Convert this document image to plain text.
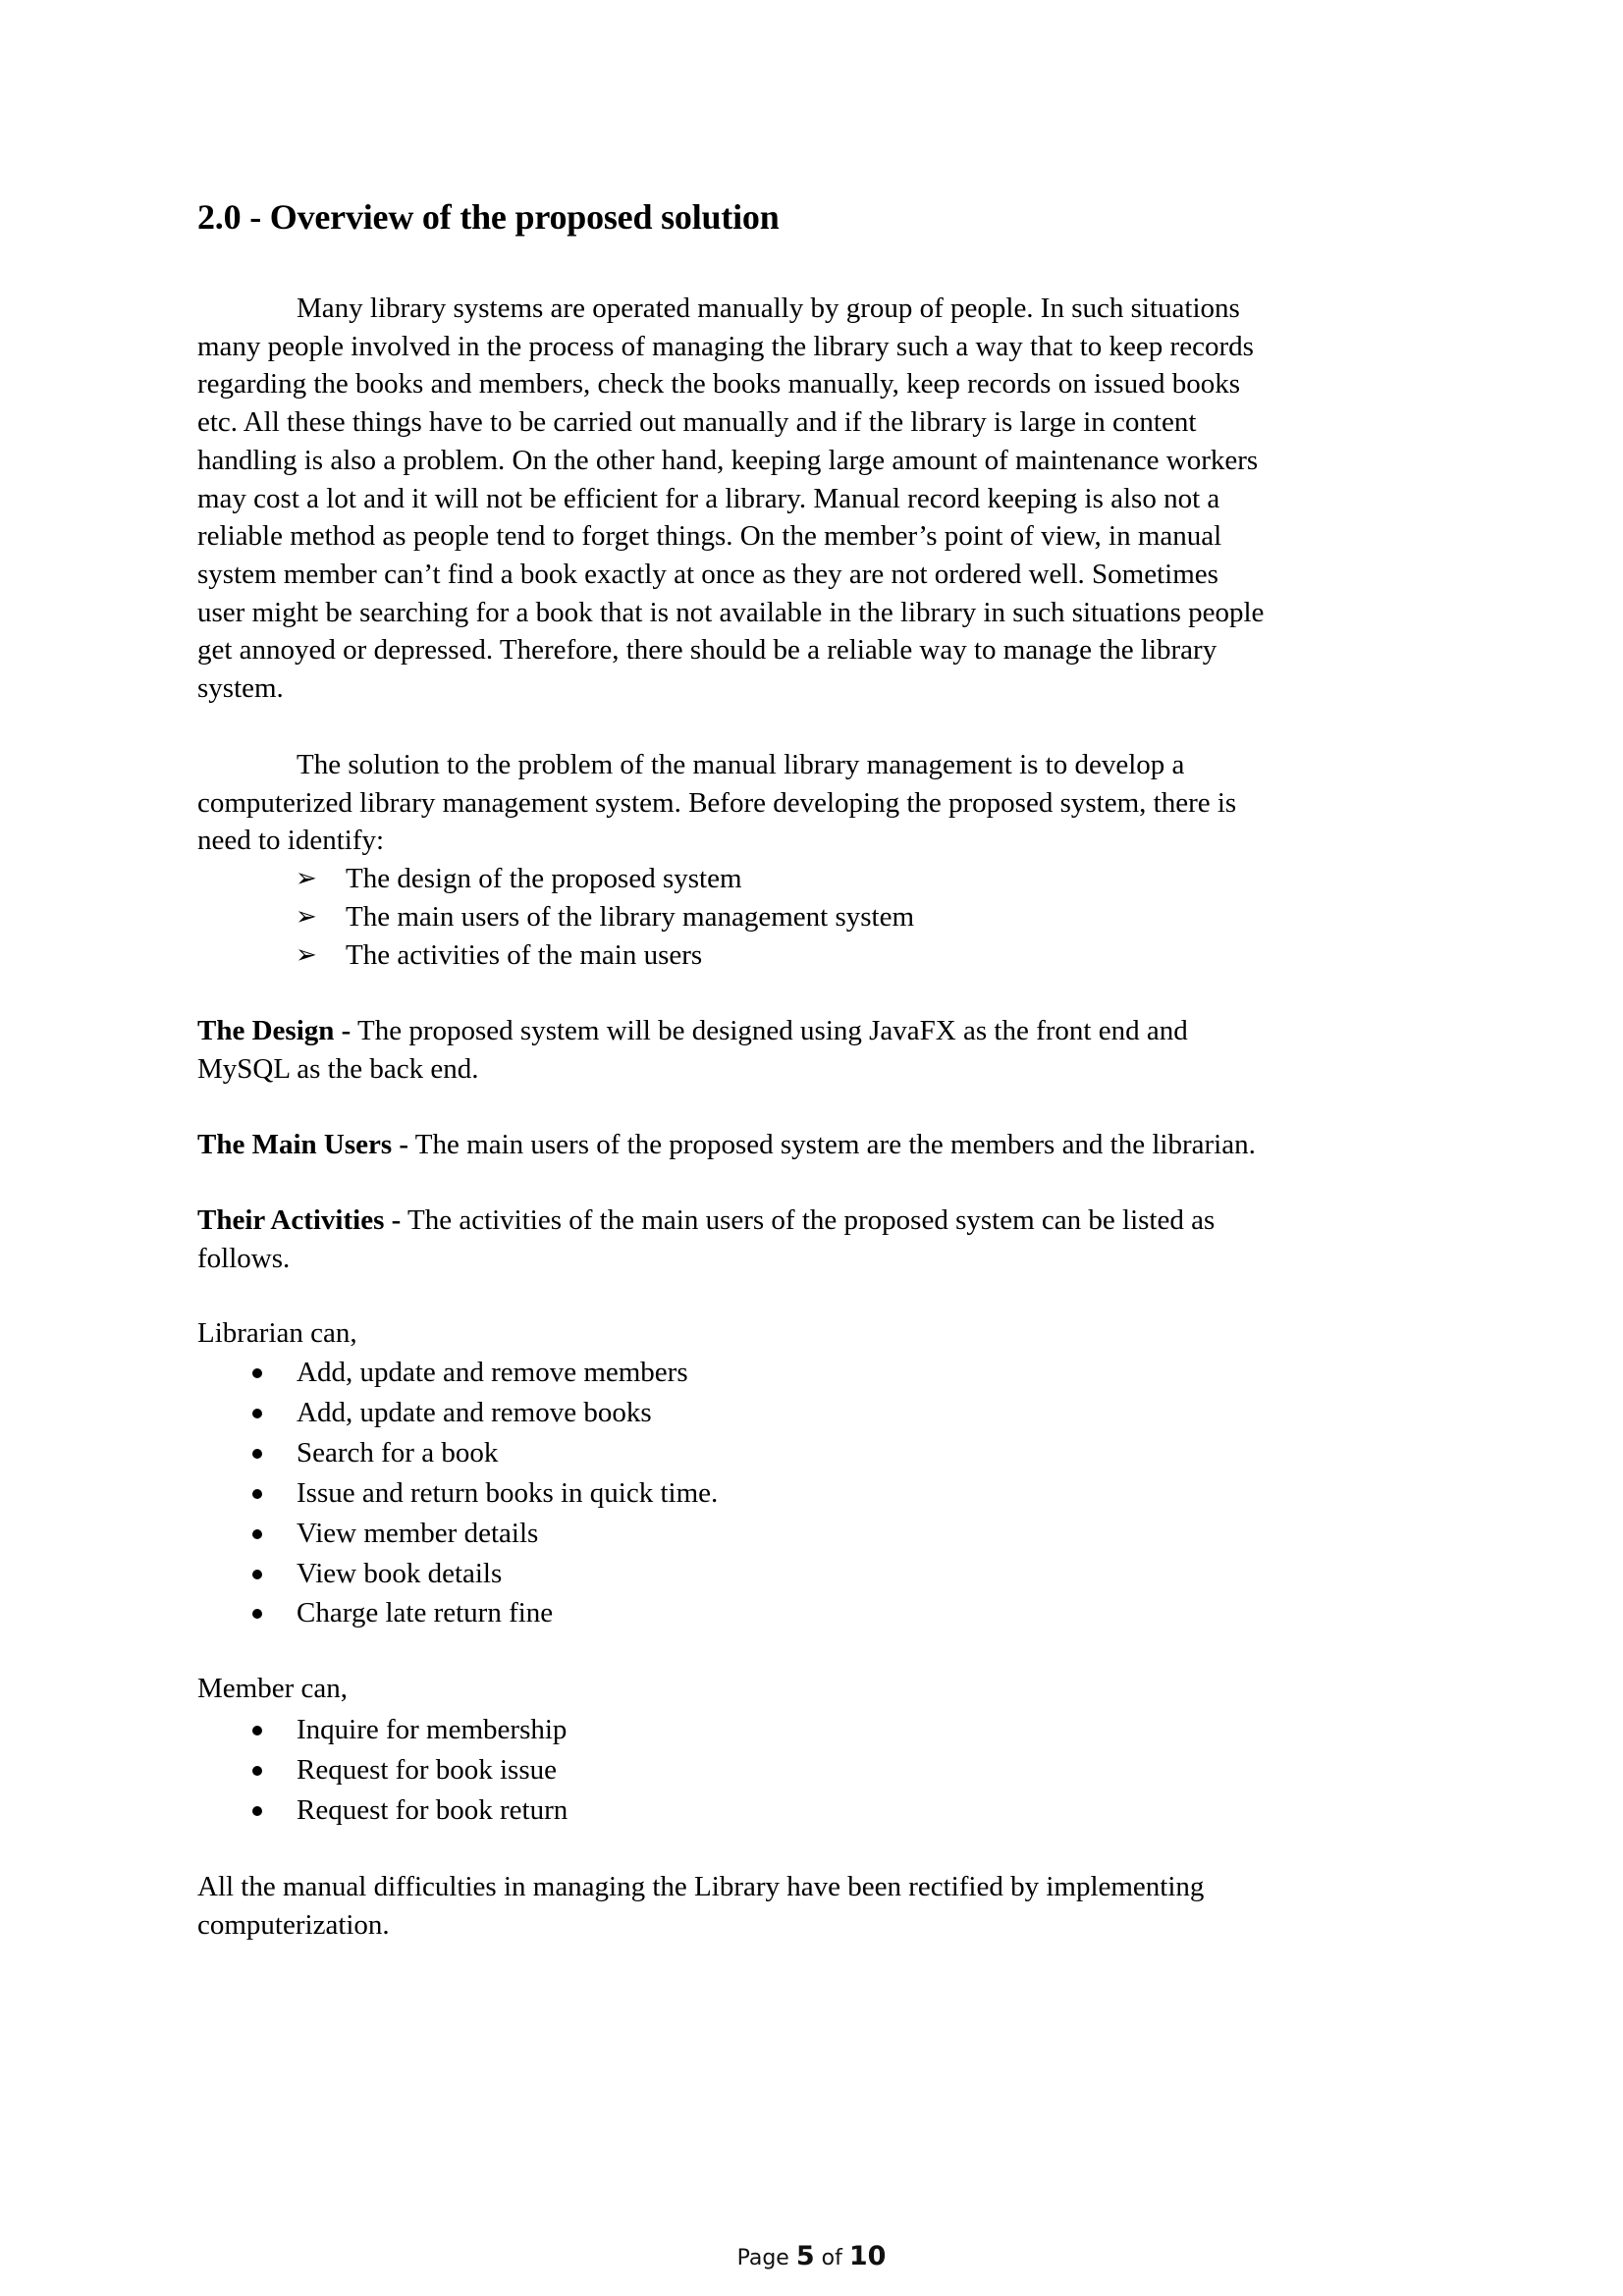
2.0 - Overview of the proposed solution
Many library systems are operated manually by group of people. In such situations
many people involved in the process of managing the library such a way that to keep records
regarding the books and members, check the books manually, keep records on issued books
etc. All these things have to be carried out manually and if the library is large in content
handling is also a problem. On the other hand, keeping large amount of maintenance workers
may cost a lot and it will not be efficient for a library. Manual record keeping is also not a
reliable method as people tend to forget things. On the member’s point of view, in manual
system member can’t find a book exactly at once as they are not ordered well. Sometimes
user might be searching for a book that is not available in the library in such situations people
get annoyed or depressed. Therefore, there should be a reliable way to manage the library
system.
The solution to the problem of the manual library management is to develop a
computerized library management system. Before developing the proposed system, there is
need to identify:
➢ The design of the proposed system
➢ The main users of the library management system
➢ The activities of the main users
The Design - The proposed system will be designed using JavaFX as the front end and
MySQL as the back end.
The Main Users - The main users of the proposed system are the members and the librarian.
Their Activities - The activities of the main users of the proposed system can be listed as
follows.
Librarian can,
Add, update and remove members
Add, update and remove books
Search for a book
Issue and return books in quick time.
View member details
View book details
Charge late return fine
Member can,
Inquire for membership
Request for book issue
Request for book return
All the manual difficulties in managing the Library have been rectified by implementing
computerization.
Page 5 of 10
